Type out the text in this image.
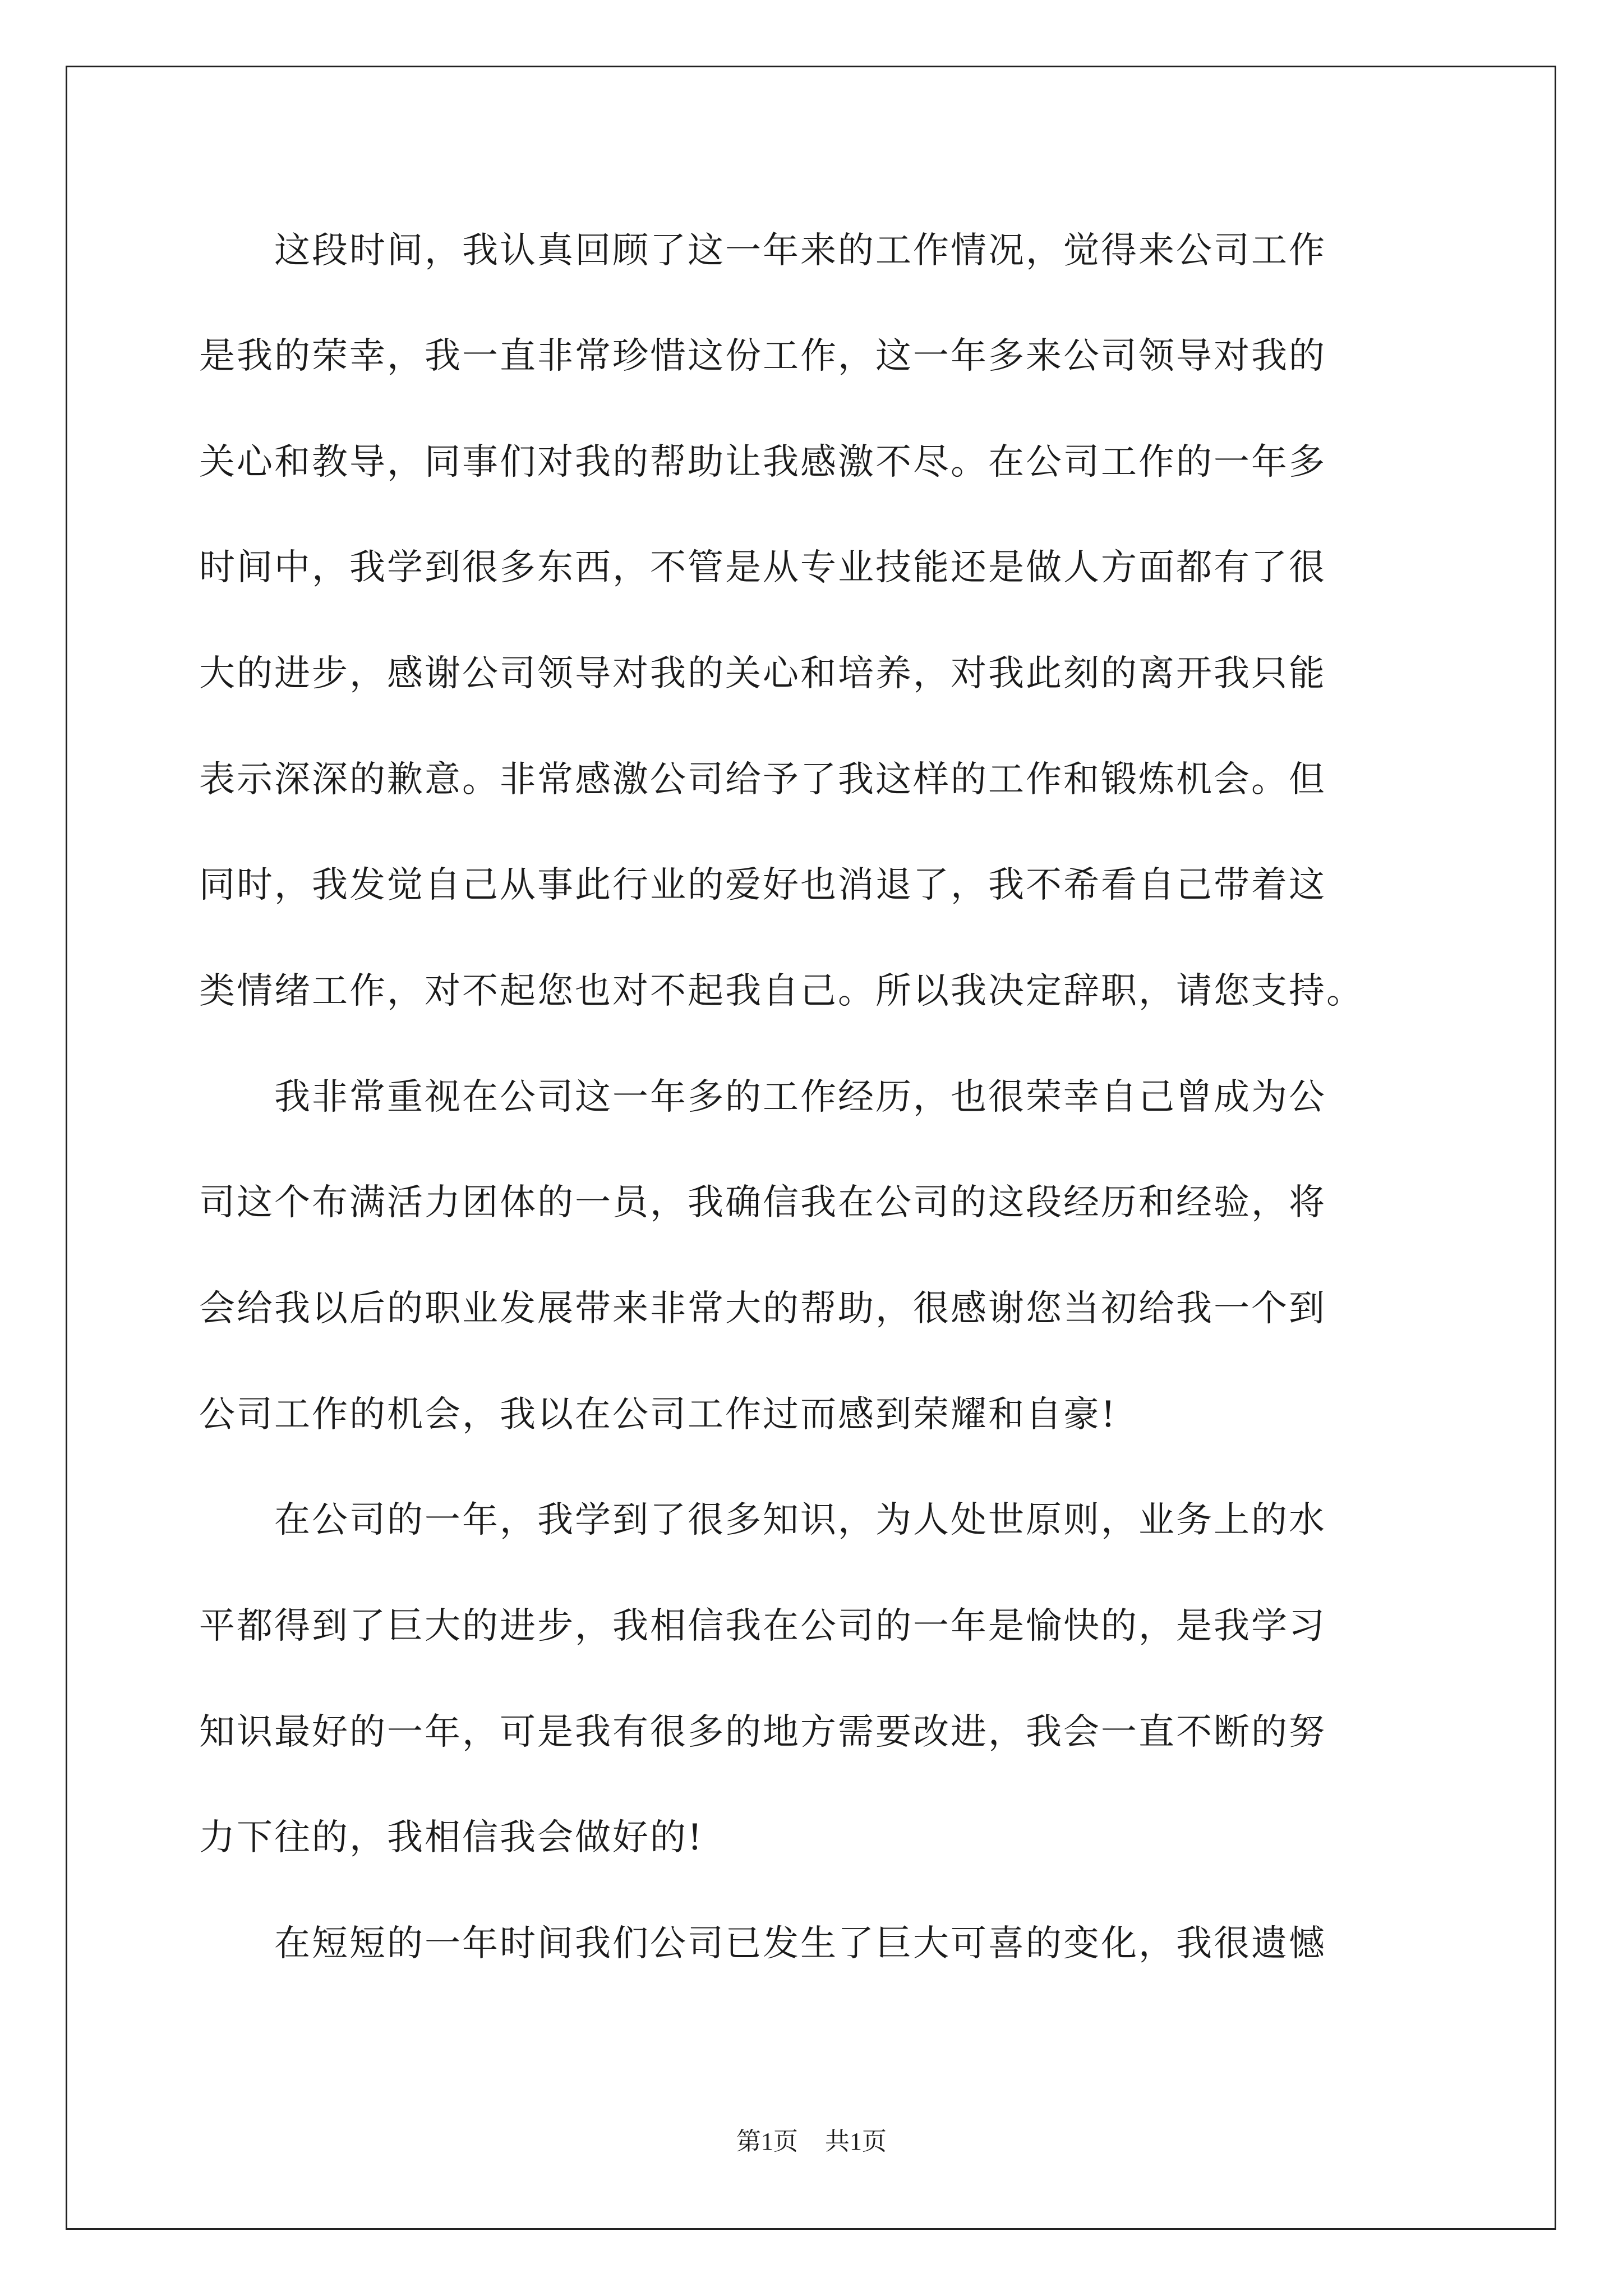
　　这段时间，我认真回顾了这一年来的工作情况，觉得来公司工作
是我的荣幸，我一直非常珍惜这份工作，这一年多来公司领导对我的
关心和教导，同事们对我的帮助让我感激不尽。在公司工作的一年多
时间中，我学到很多东西，不管是从专业技能还是做人方面都有了很
大的进步，感谢公司领导对我的关心和培养，对我此刻的离开我只能
表示深深的歉意。非常感激公司给予了我这样的工作和锻炼机会。但
同时，我发觉自己从事此行业的爱好也消退了，我不希看自己带着这
类情绪工作，对不起您也对不起我自己。所以我决定辞职，请您支持。
　　我非常重视在公司这一年多的工作经历，也很荣幸自己曾成为公
司这个布满活力团体的一员，我确信我在公司的这段经历和经验，将
会给我以后的职业发展带来非常大的帮助，很感谢您当初给我一个到
公司工作的机会，我以在公司工作过而感到荣耀和自豪!
　　在公司的一年，我学到了很多知识，为人处世原则，业务上的水
平都得到了巨大的进步，我相信我在公司的一年是愉快的，是我学习
知识最好的一年，可是我有很多的地方需要改进，我会一直不断的努
力下往的，我相信我会做好的!
　　在短短的一年时间我们公司已发生了巨大可喜的变化，我很遗憾
第1页 共1页
